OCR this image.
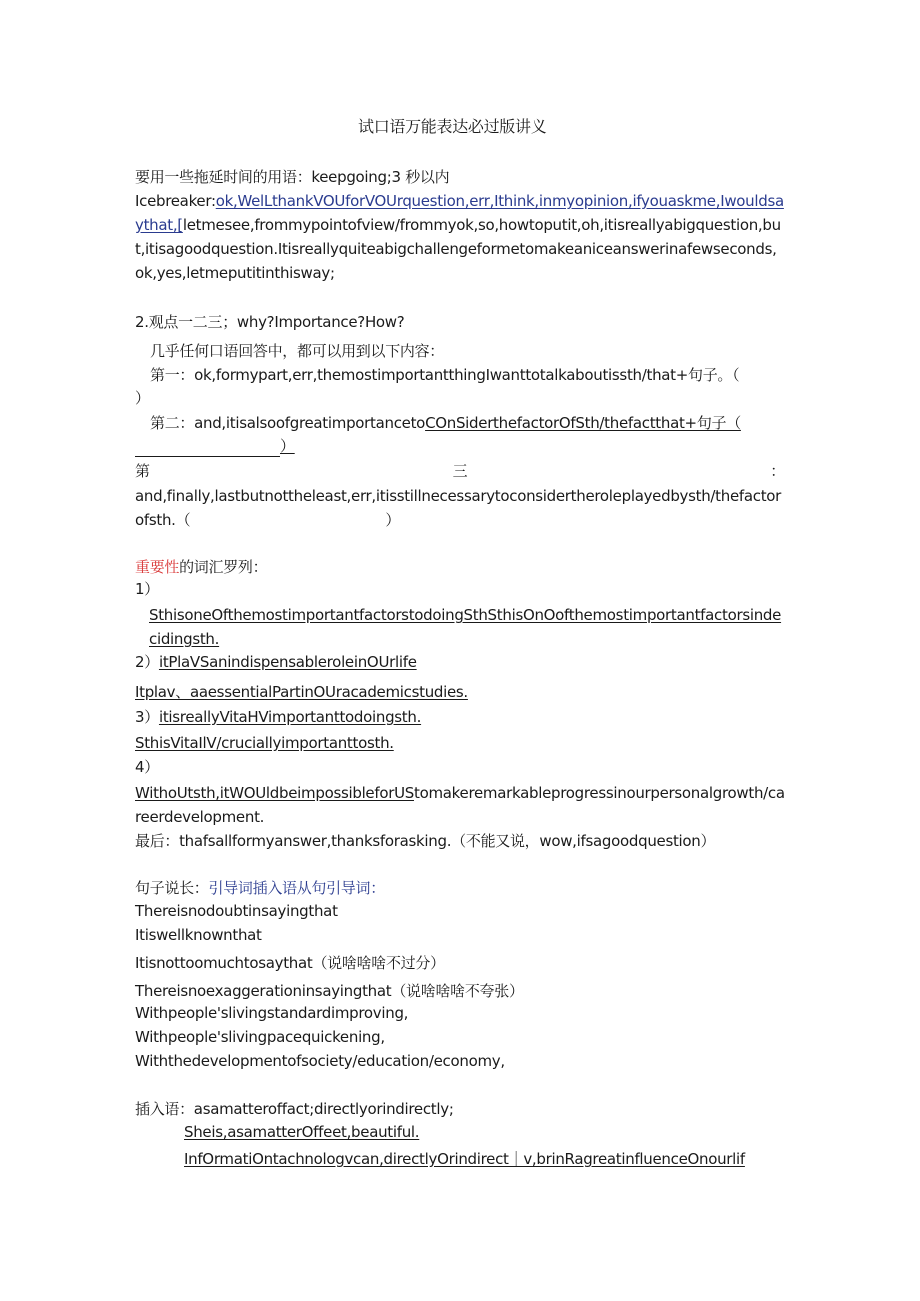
试口语万能表达必过版讲义
要用一些拖延时间的用语：keepgoing;3 秒以内
Icebreaker:ok,WelLthankVOUforVOUrquestion,err,Ithink,inmyopinion,ifyouaskme,Iwouldsaythat,[letmesee,frommypointofview/frommyok,so,howtoputit,oh,itisreallyabigquestion,but,itisagoodquestion.Itisreallyquiteabigchallengeformetomakeaniceanswerinafewseconds,ok,yes,letmeputitinthisway;
2.观点一二三；why?Importance?How?
几乎任何口语回答中，都可以用到以下内容：
第一：ok,formypart,err,themostimportantthingIwanttotalkaboutissth/that+句子。（
）
第二：and,itisalsoofgreatimportancetoCOnSiderthefactorOfSth/thefactthat+句子（
）
第	三	：
and,finally,lastbutnottheleast,err,itisstillnecessarytoconsidertheroleplayedbysth/thefactorofsth.（	）
重要性的词汇罗列：
1）
SthisoneOfthemostimportantfactorstodoingSthSthisOnOofthemostimportantfactorsindecidingsth.
2）itPlaVSanindispensableroleinOUrlife
Itplav、aaessentialPartinOUracademicstudies.
3）itisreallyVitaHVimportanttodoingsth.
SthisVitaIlV/cruciallyimportanttosth.
4）
WithoUtsth,itWOUldbeimpossibleforUStomakeremarkableprogressinourpersonalgrowth/careerdevelopment.
最后：thafsallformyanswer,thanksforasking.（不能又说，wow,ifsagoodquestion）
句子说长：引导词插入语从句引导词：
Thereisnodoubtinsayingthat
Itiswellknownthat
Itisnottoomuchtosaythat（说啥啥啥不过分）
Thereisnoexaggerationinsayingthat（说啥啥啥不夸张）
Withpeople'slivingstandardimproving,
Withpeople'slivingpacequickening,
Withthedevelopmentofsociety/education/economy,
插入语：asamatteroffact;directlyorindirectly;
Sheis,asamatterOffeet,beautiful.
InfOrmatiOntachnologvcan,directlyOrindirect｜v,brinRagreatinfluenceOnourlif
